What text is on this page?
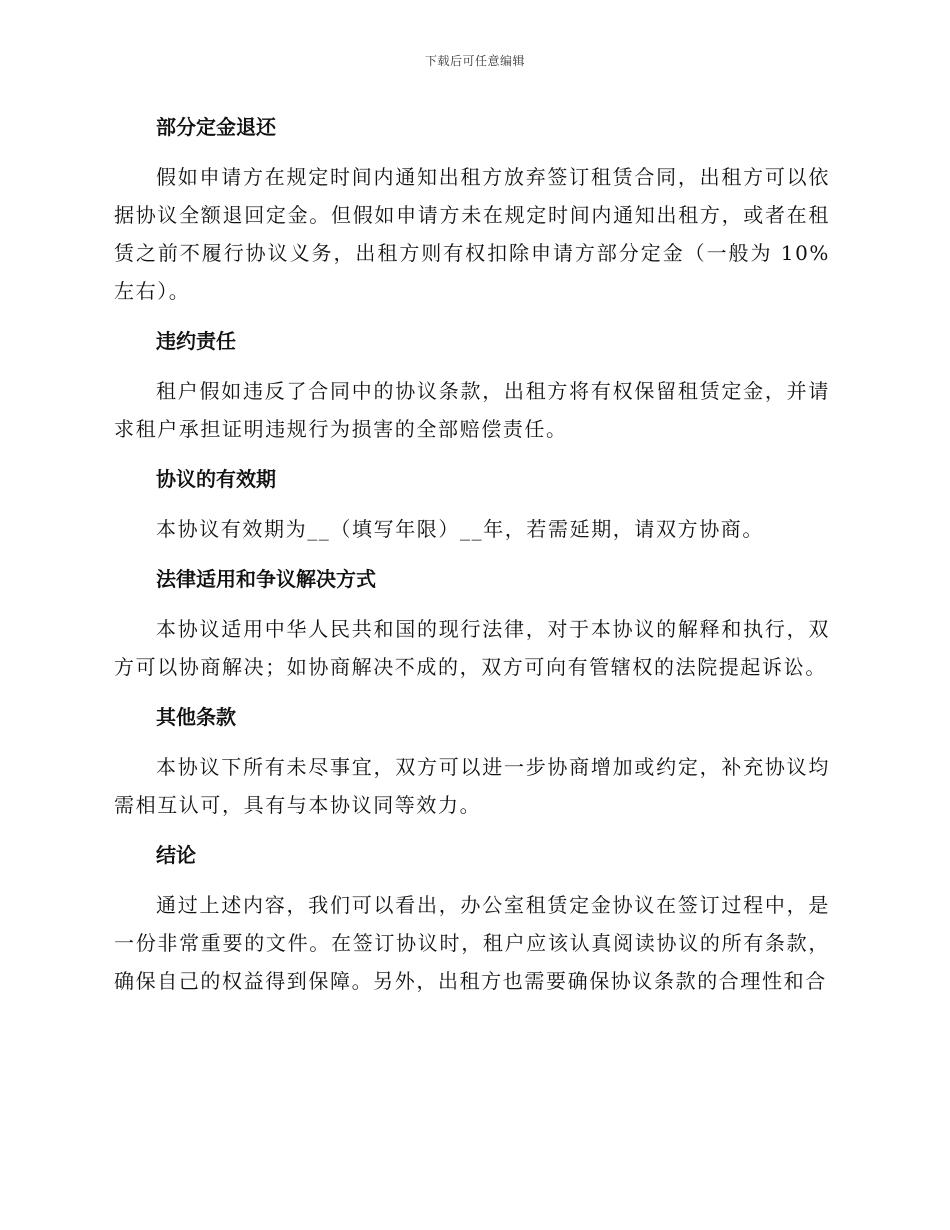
下载后可任意编辑
部分定金退还
假如申请方在规定时间内通知出租方放弃签订租赁合同，出租方可以依据协议全额退回定金。但假如申请方未在规定时间内通知出租方，或者在租赁之前不履行协议义务，出租方则有权扣除申请方部分定金（一般为 10%左右）。
违约责任
租户假如违反了合同中的协议条款，出租方将有权保留租赁定金，并请求租户承担证明违规行为损害的全部赔偿责任。
协议的有效期
本协议有效期为__（填写年限）__年，若需延期，请双方协商。
法律适用和争议解决方式
本协议适用中华人民共和国的现行法律，对于本协议的解释和执行，双方可以协商解决；如协商解决不成的，双方可向有管辖权的法院提起诉讼。
其他条款
本协议下所有未尽事宜，双方可以进一步协商增加或约定，补充协议均需相互认可，具有与本协议同等效力。
结论
通过上述内容，我们可以看出，办公室租赁定金协议在签订过程中，是一份非常重要的文件。在签订协议时，租户应该认真阅读协议的所有条款，确保自己的权益得到保障。另外，出租方也需要确保协议条款的合理性和合
